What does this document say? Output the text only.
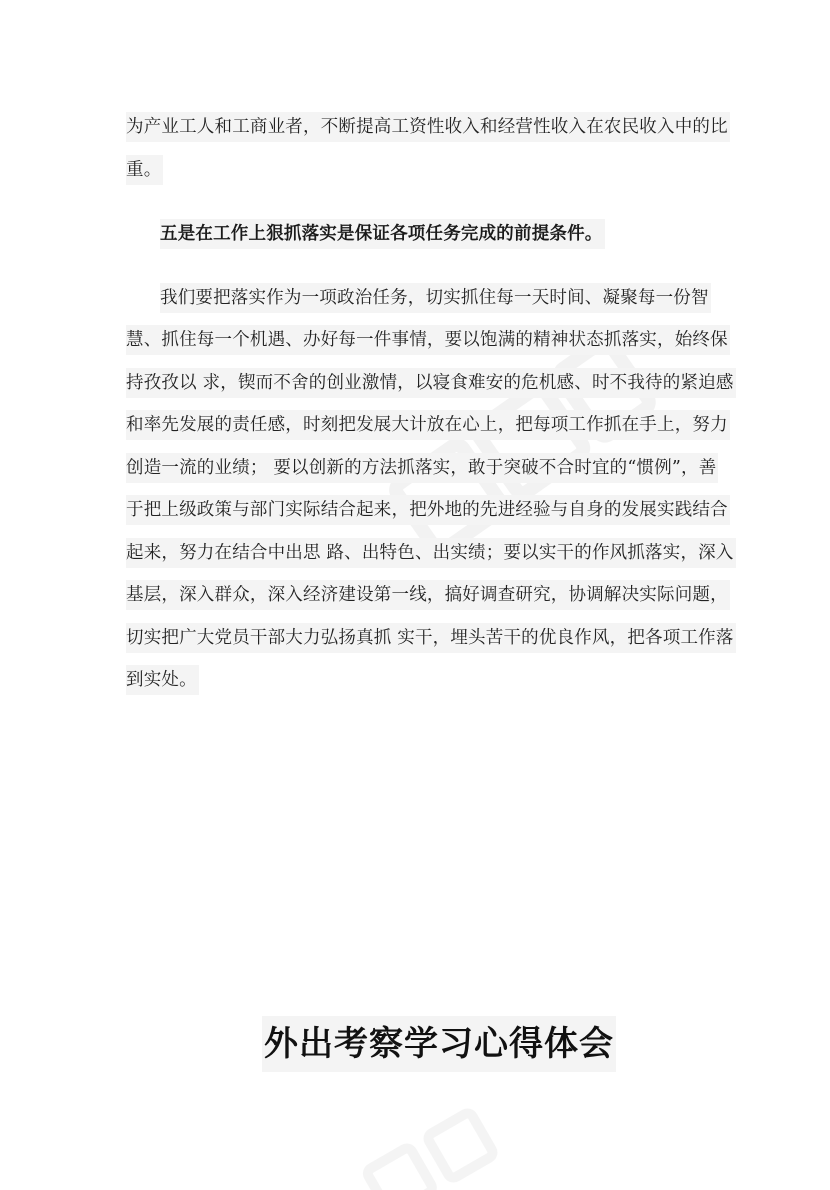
为产业工人和工商业者，不断提高工资性收入和经营性收入在农民收入中的比
重。
五是在工作上狠抓落实是保证各项任务完成的前提条件。
我们要把落实作为一项政治任务，切实抓住每一天时间、凝聚每一份智
慧、抓住每一个机遇、办好每一件事情，要以饱满的精神状态抓落实，始终保
持孜孜以 求，锲而不舍的创业激情，以寝食难安的危机感、时不我待的紧迫感
和率先发展的责任感，时刻把发展大计放在心上，把每项工作抓在手上，努力
创造一流的业绩； 要以创新的方法抓落实，敢于突破不合时宜的“惯例”，善
于把上级政策与部门实际结合起来，把外地的先进经验与自身的发展实践结合
起来，努力在结合中出思 路、出特色、出实绩；要以实干的作风抓落实，深入
基层，深入群众，深入经济建设第一线，搞好调查研究，协调解决实际问题，
切实把广大党员干部大力弘扬真抓 实干，埋头苦干的优良作风，把各项工作落
到实处。
外出考察学习心得体会
